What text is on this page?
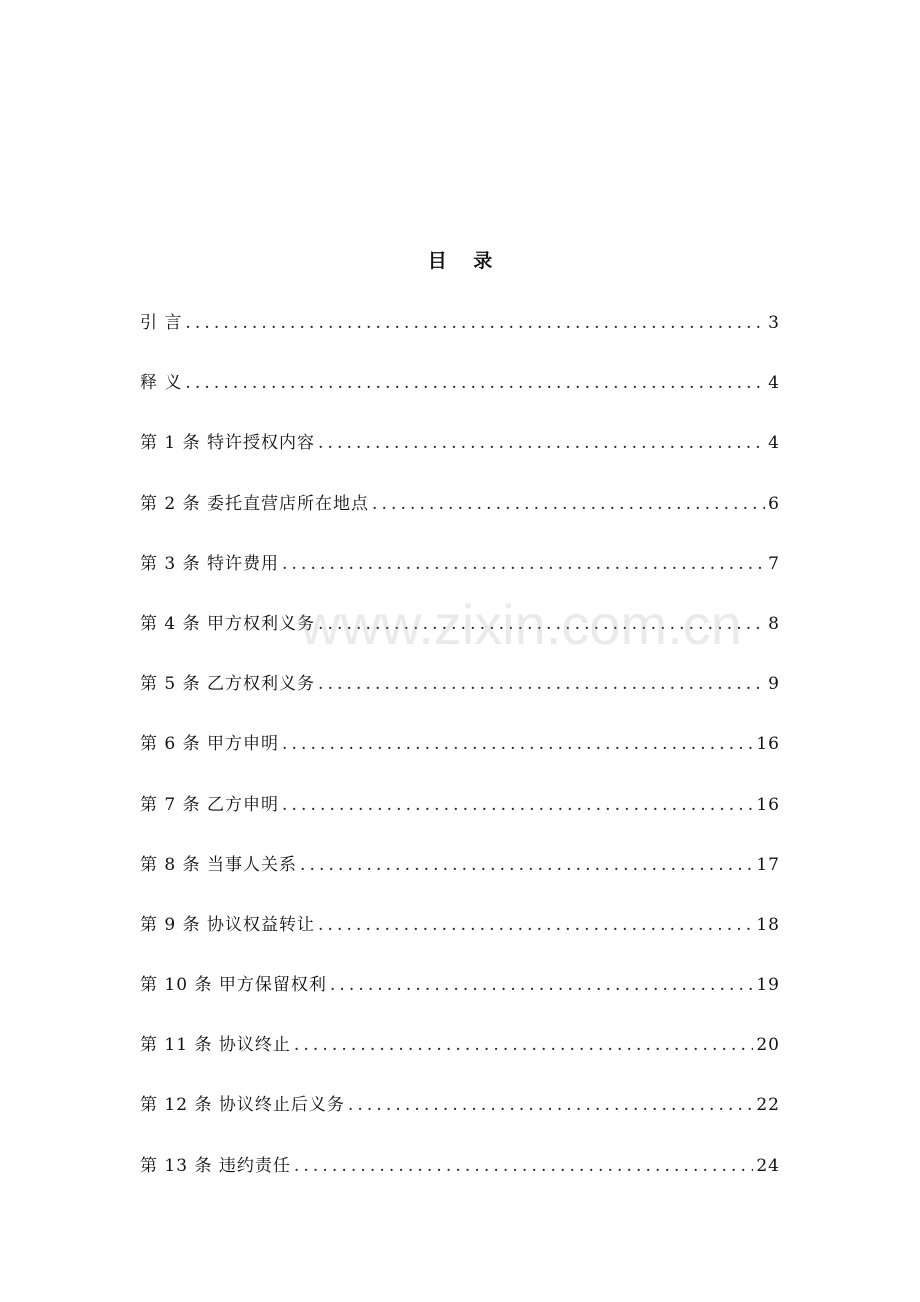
目 录
引 言 .....	3
释 义 .....	4
第 1 条 特许授权内容 .....	4
第 2 条 委托直营店所在地点 .....	6
第 3 条 特许费用 .....	7
第 4 条 甲方权利义务 .....	8
第 5 条 乙方权利义务 .....	9
第 6 条 甲方申明 .....	16
第 7 条 乙方申明 .....	16
第 8 条 当事人关系 .....	17
第 9 条 协议权益转让 .....	18
第 10 条 甲方保留权利 .....	19
第 11 条 协议终止 .....	20
第 12 条 协议终止后义务 .....	22
第 13 条 违约责任 .....	24
www.zixin.com.cn
